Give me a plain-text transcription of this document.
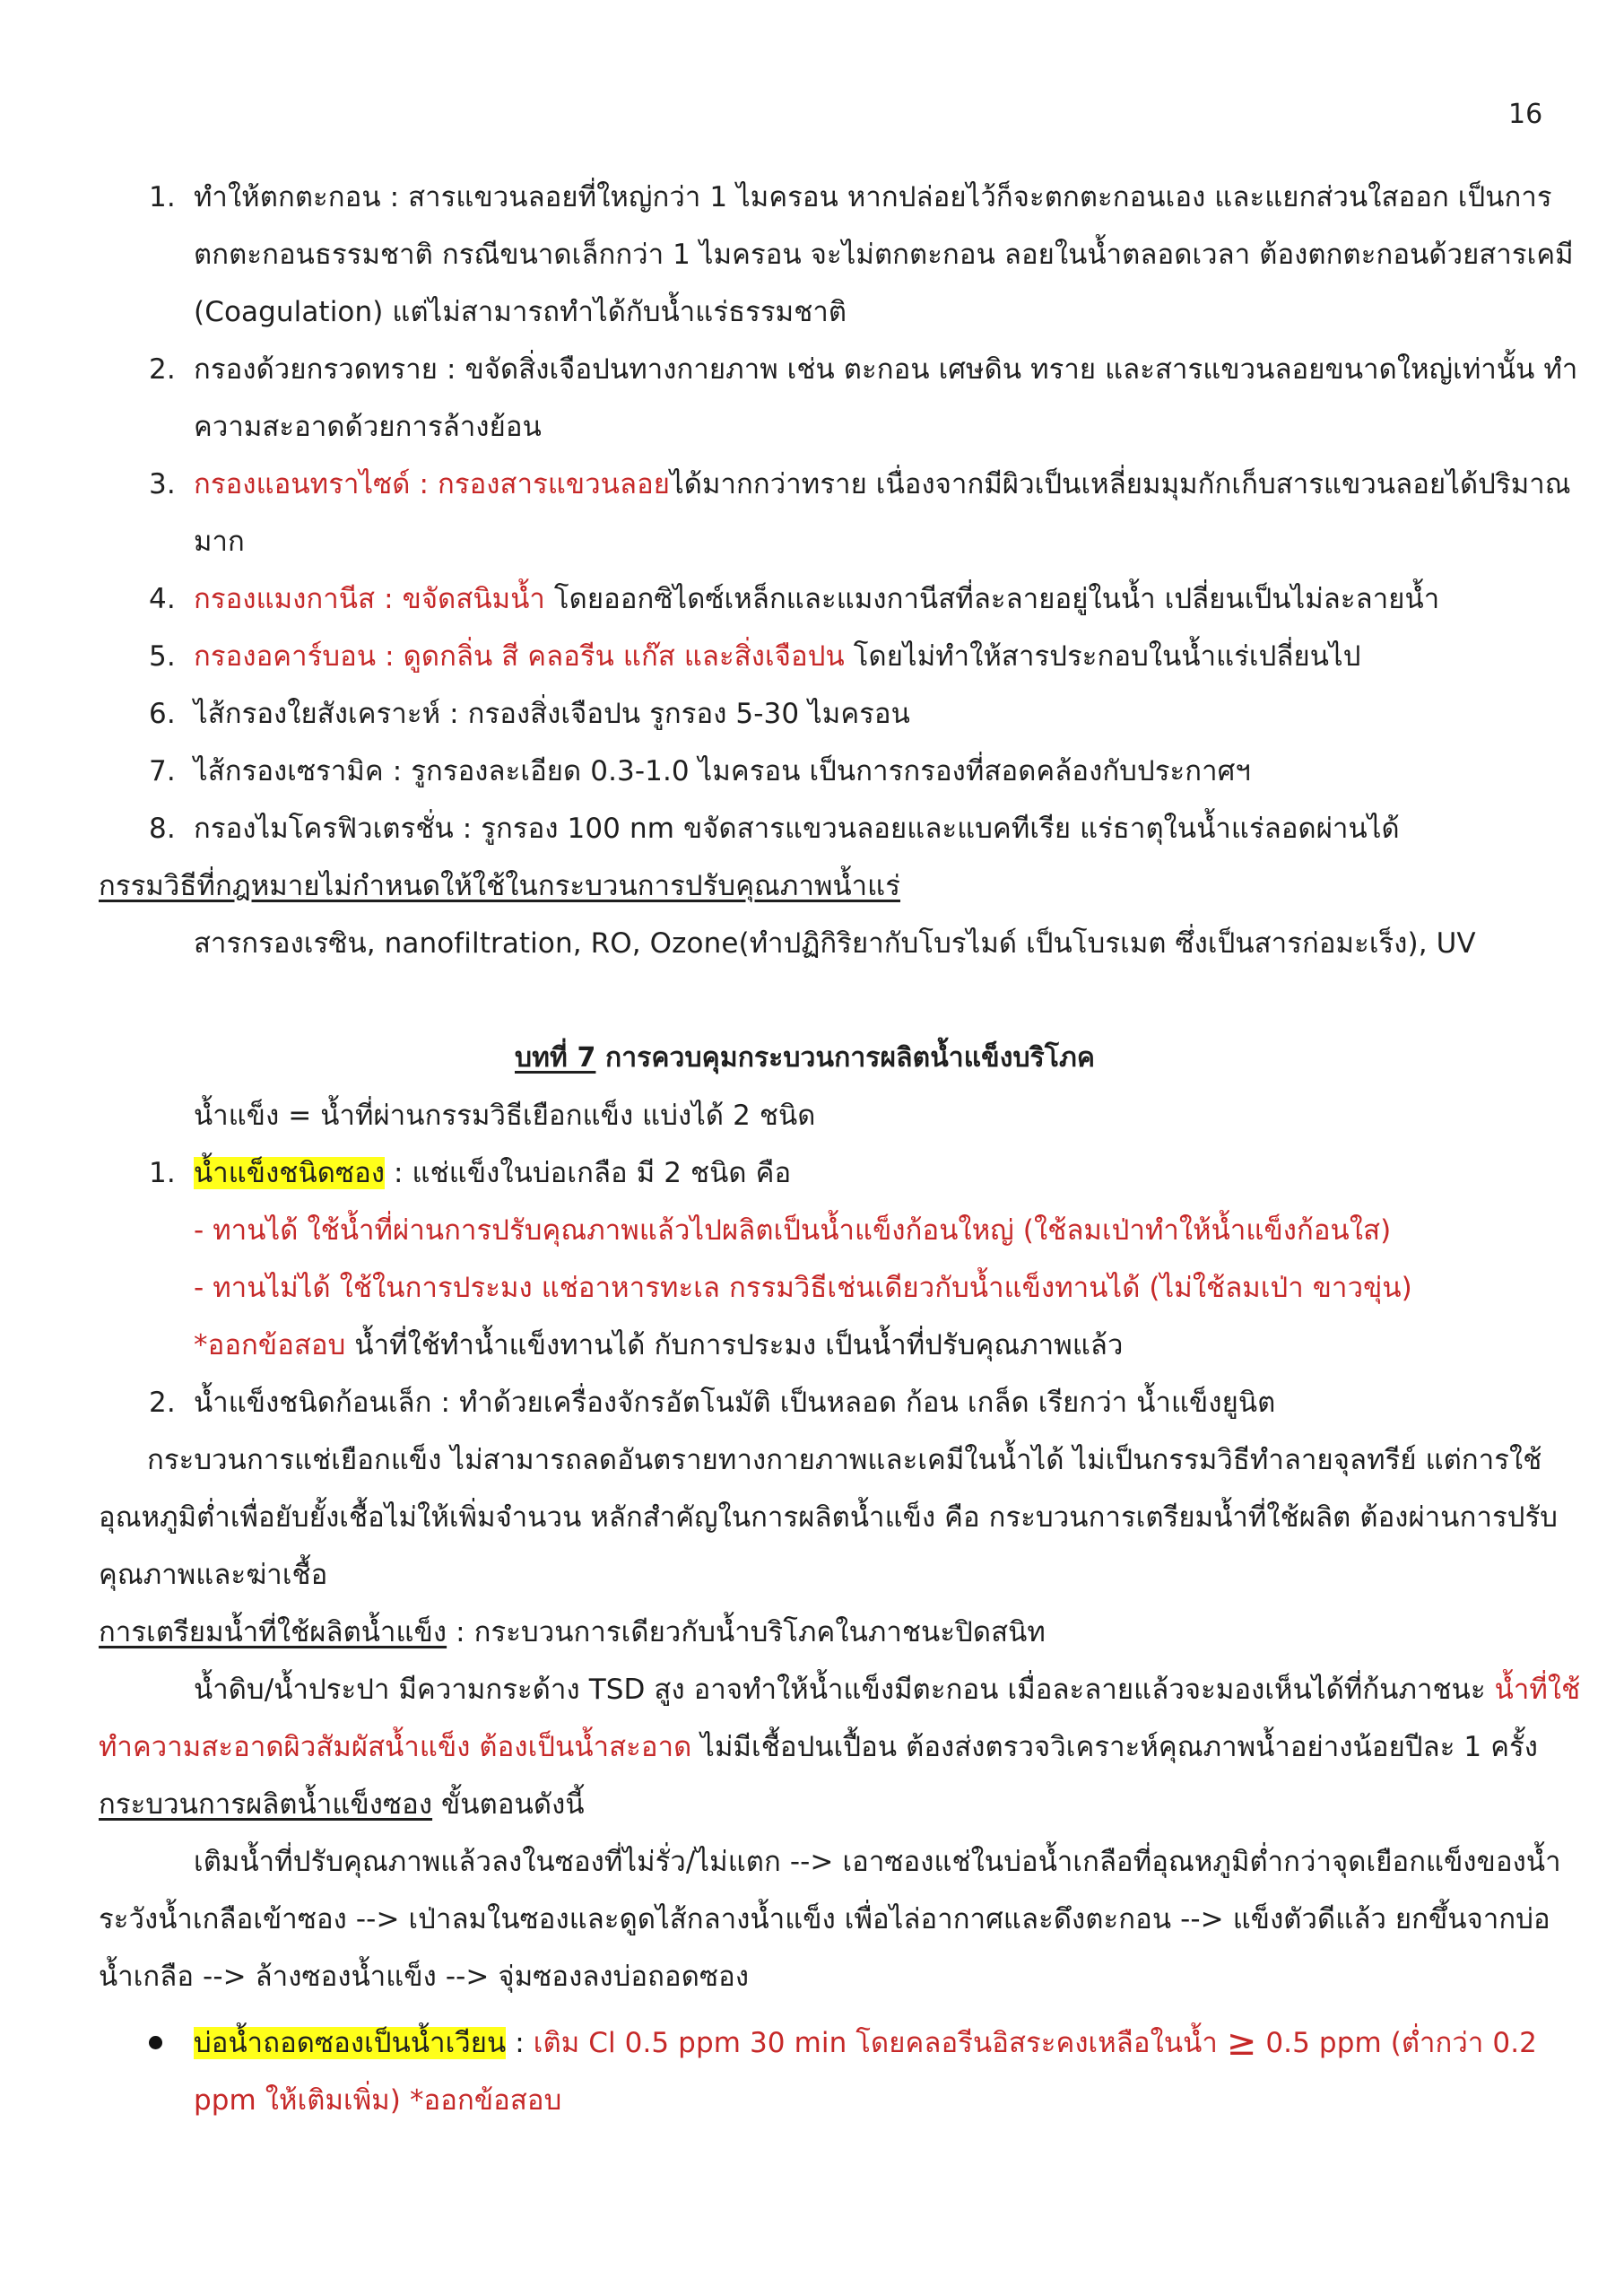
16
1. ทำให้ตกตะกอน : สารแขวนลอยที่ใหญ่กว่า 1 ไมครอน หากปล่อยไว้ก็จะตกตะกอนเอง และแยกส่วนใสออก เป็นการ
ตกตะกอนธรรมชาติ กรณีขนาดเล็กกว่า 1 ไมครอน จะไม่ตกตะกอน ลอยในน้ำตลอดเวลา ต้องตกตะกอนด้วยสารเคมี
(Coagulation) แต่ไม่สามารถทำได้กับน้ำแร่ธรรมชาติ
2. กรองด้วยกรวดทราย : ขจัดสิ่งเจือปนทางกายภาพ เช่น ตะกอน เศษดิน ทราย และสารแขวนลอยขนาดใหญ่เท่านั้น ทำ
ความสะอาดด้วยการล้างย้อน
3. กรองแอนทราไซด์ : กรองสารแขวนลอยได้มากกว่าทราย เนื่องจากมีผิวเป็นเหลี่ยมมุมกักเก็บสารแขวนลอยได้ปริมาณ
มาก
4. กรองแมงกานีส : ขจัดสนิมน้ำ โดยออกซิไดซ์เหล็กและแมงกานีสที่ละลายอยู่ในน้ำ เปลี่ยนเป็นไม่ละลายน้ำ
5. กรองอคาร์บอน : ดูดกลิ่น สี คลอรีน แก๊ส และสิ่งเจือปน โดยไม่ทำให้สารประกอบในน้ำแร่เปลี่ยนไป
6. ไส้กรองใยสังเคราะห์ : กรองสิ่งเจือปน รูกรอง 5-30 ไมครอน
7. ไส้กรองเซรามิค : รูกรองละเอียด 0.3-1.0 ไมครอน เป็นการกรองที่สอดคล้องกับประกาศฯ
8. กรองไมโครฟิวเตรชั่น : รูกรอง 100 nm ขจัดสารแขวนลอยและแบคทีเรีย แร่ธาตุในน้ำแร่ลอดผ่านได้
กรรมวิธีที่กฎหมายไม่กำหนดให้ใช้ในกระบวนการปรับคุณภาพน้ำแร่
สารกรองเรซิน, nanofiltration, RO, Ozone(ทำปฏิกิริยากับโบรไมด์ เป็นโบรเมต ซึ่งเป็นสารก่อมะเร็ง), UV
บทที่ 7 การควบคุมกระบวนการผลิตน้ำแข็งบริโภค
น้ำแข็ง = น้ำที่ผ่านกรรมวิธีเยือกแข็ง แบ่งได้ 2 ชนิด
1. น้ำแข็งชนิดซอง : แช่แข็งในบ่อเกลือ มี 2 ชนิด คือ
- ทานได้ ใช้น้ำที่ผ่านการปรับคุณภาพแล้วไปผลิตเป็นน้ำแข็งก้อนใหญ่ (ใช้ลมเป่าทำให้น้ำแข็งก้อนใส)
- ทานไม่ได้ ใช้ในการประมง แช่อาหารทะเล กรรมวิธีเช่นเดียวกับน้ำแข็งทานได้ (ไม่ใช้ลมเป่า ขาวขุ่น)
*ออกข้อสอบ น้ำที่ใช้ทำน้ำแข็งทานได้ กับการประมง เป็นน้ำที่ปรับคุณภาพแล้ว
2. น้ำแข็งชนิดก้อนเล็ก : ทำด้วยเครื่องจักรอัตโนมัติ เป็นหลอด ก้อน เกล็ด เรียกว่า น้ำแข็งยูนิต
กระบวนการแช่เยือกแข็ง ไม่สามารถลดอันตรายทางกายภาพและเคมีในน้ำได้ ไม่เป็นกรรมวิธีทำลายจุลทรีย์ แต่การใช้
อุณหภูมิต่ำเพื่อยับยั้งเชื้อไม่ให้เพิ่มจำนวน หลักสำคัญในการผลิตน้ำแข็ง คือ กระบวนการเตรียมน้ำที่ใช้ผลิต ต้องผ่านการปรับ
คุณภาพและฆ่าเชื้อ
การเตรียมน้ำที่ใช้ผลิตน้ำแข็ง : กระบวนการเดียวกับน้ำบริโภคในภาชนะปิดสนิท
น้ำดิบ/น้ำประปา มีความกระด้าง TSD สูง อาจทำให้น้ำแข็งมีตะกอน เมื่อละลายแล้วจะมองเห็นได้ที่ก้นภาชนะ น้ำที่ใช้
ทำความสะอาดผิวสัมผัสน้ำแข็ง ต้องเป็นน้ำสะอาด ไม่มีเชื้อปนเปื้อน ต้องส่งตรวจวิเคราะห์คุณภาพน้ำอย่างน้อยปีละ 1 ครั้ง
กระบวนการผลิตน้ำแข็งซอง ขั้นตอนดังนี้
เติมน้ำที่ปรับคุณภาพแล้วลงในซองที่ไม่รั่ว/ไม่แตก --> เอาซองแช่ในบ่อน้ำเกลือที่อุณหภูมิต่ำกว่าจุดเยือกแข็งของน้ำ
ระวังน้ำเกลือเข้าซอง --> เป่าลมในซองและดูดไส้กลางน้ำแข็ง เพื่อไล่อากาศและดึงตะกอน --> แข็งตัวดีแล้ว ยกขึ้นจากบ่อ
น้ำเกลือ --> ล้างซองน้ำแข็ง --> จุ่มซองลงบ่อถอดซอง
บ่อน้ำถอดซองเป็นน้ำเวียน : เติม Cl 0.5 ppm 30 min โดยคลอรีนอิสระคงเหลือในน้ำ ≥ 0.5 ppm (ต่ำกว่า 0.2
ppm ให้เติมเพิ่ม) *ออกข้อสอบ
